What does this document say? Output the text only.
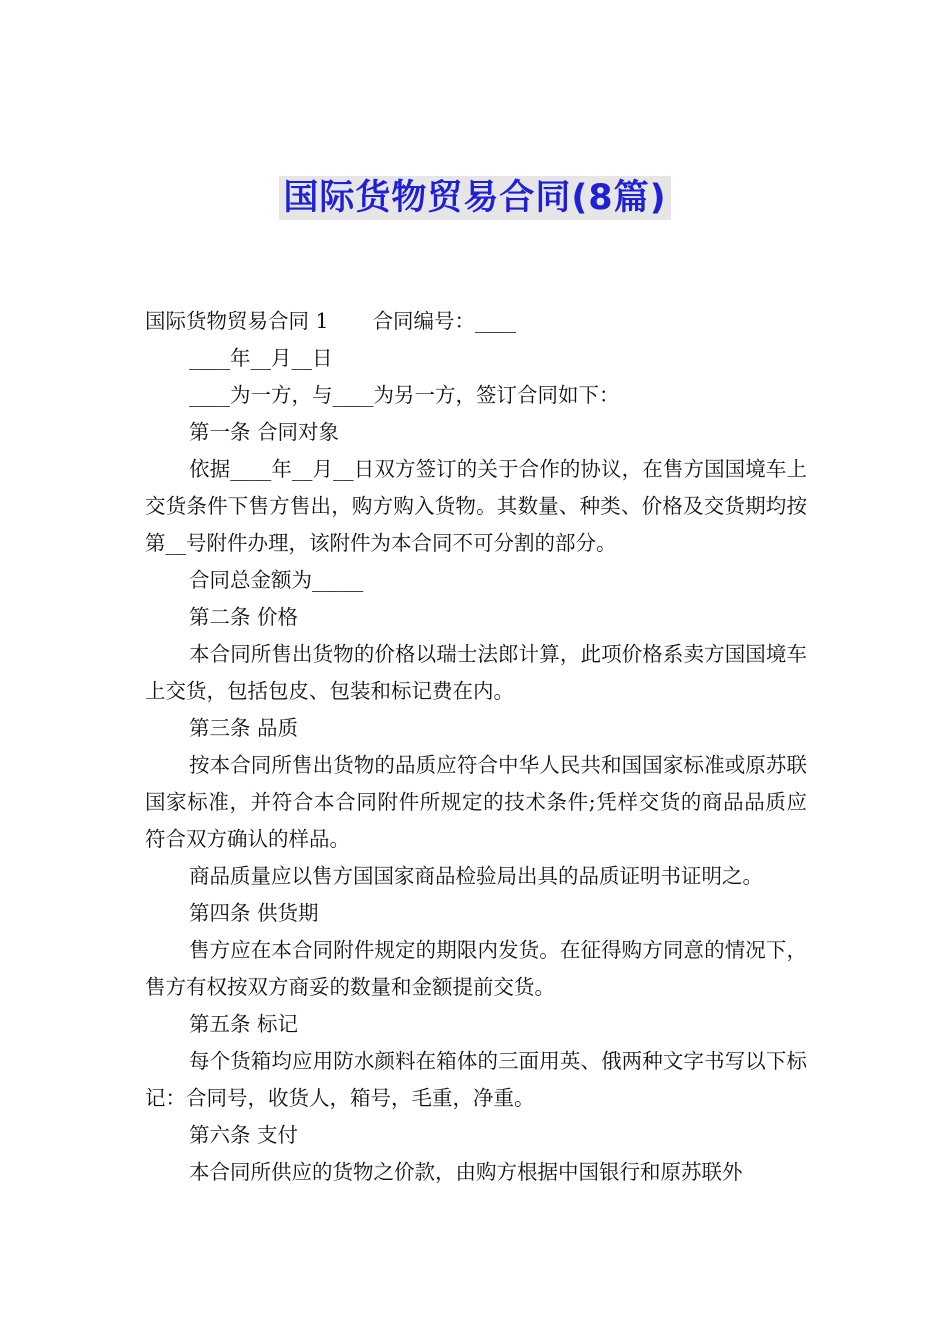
国际货物贸易合同(8篇)

国际货物贸易合同 1 合同编号：____

____年__月__日

____为一方，与____为另一方，签订合同如下：

第一条 合同对象

依据____年__月__日双方签订的关于合作的协议，在售方国国境车上交货条件下售方售出，购方购入货物。其数量、种类、价格及交货期均按第__号附件办理，该附件为本合同不可分割的部分。

合同总金额为_____

第二条 价格

本合同所售出货物的价格以瑞士法郎计算，此项价格系卖方国国境车上交货，包括包皮、包装和标记费在内。

第三条 品质

按本合同所售出货物的品质应符合中华人民共和国国家标准或原苏联国家标准，并符合本合同附件所规定的技术条件;凭样交货的商品品质应符合双方确认的样品。

商品质量应以售方国国家商品检验局出具的品质证明书证明之。

第四条 供货期

售方应在本合同附件规定的期限内发货。在征得购方同意的情况下，售方有权按双方商妥的数量和金额提前交货。

第五条 标记

每个货箱均应用防水颜料在箱体的三面用英、俄两种文字书写以下标记：合同号，收货人，箱号，毛重，净重。

第六条 支付

本合同所供应的货物之价款，由购方根据中国银行和原苏联外
